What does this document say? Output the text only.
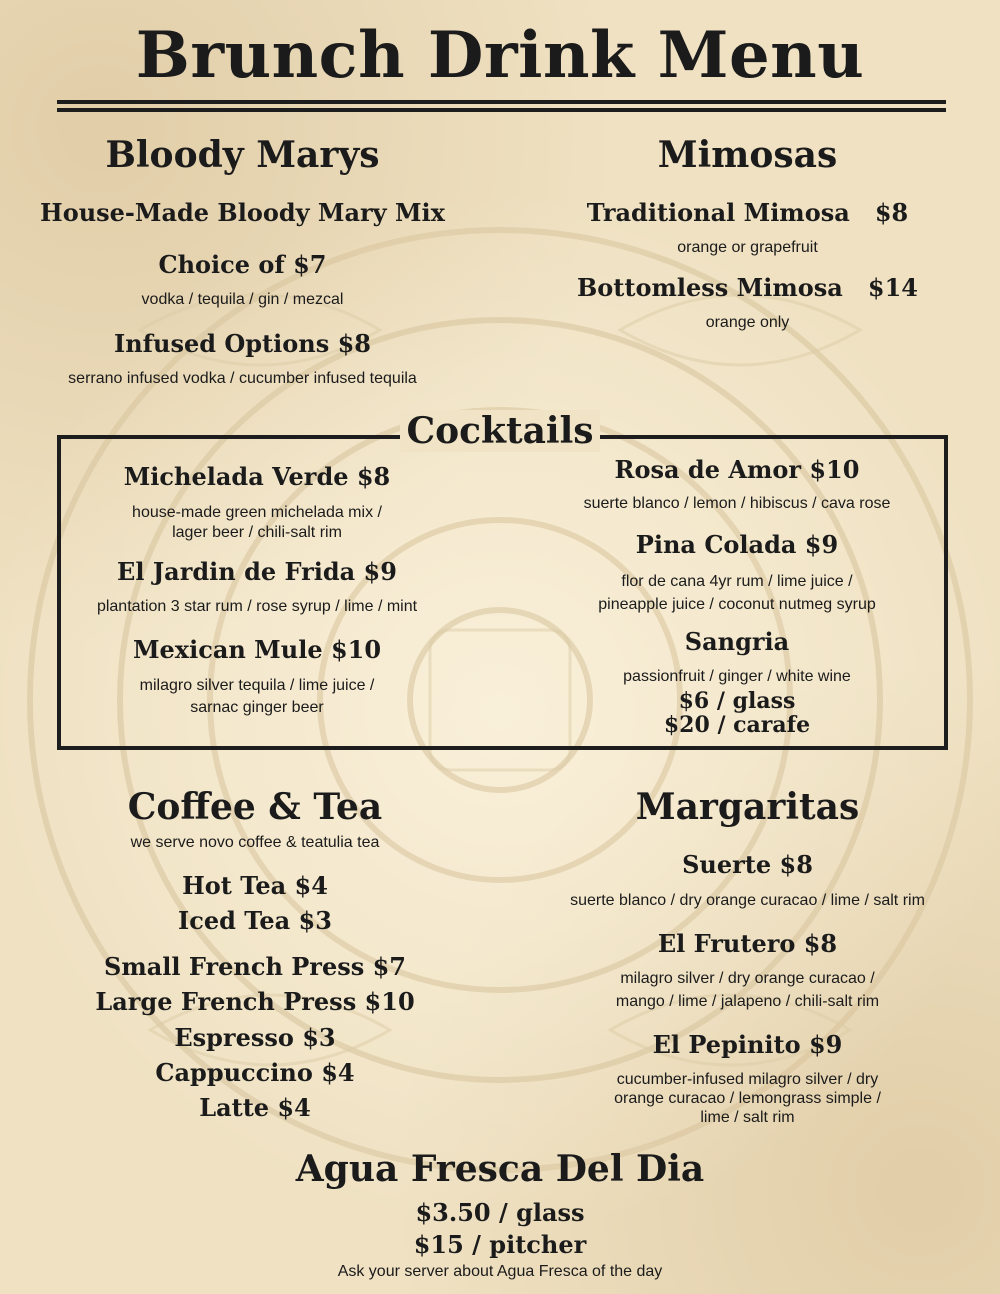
Brunch Drink Menu
Bloody Marys
House-Made Bloody Mary Mix
Choice of $7
vodka / tequila / gin / mezcal
Infused Options $8
serrano infused vodka / cucumber infused tequila
Mimosas
Traditional Mimosa   $8
orange or grapefruit
Bottomless Mimosa   $14
orange only
Cocktails
Michelada Verde $8
house-made green michelada mix /
lager beer / chili-salt rim
El Jardin de Frida $9
plantation 3 star rum / rose syrup / lime / mint
Mexican Mule $10
milagro silver tequila / lime juice /
sarnac ginger beer
Rosa de Amor $10
suerte blanco / lemon / hibiscus / cava rose
Pina Colada $9
flor de cana 4yr rum / lime juice /
pineapple juice / coconut nutmeg syrup
Sangria
passionfruit / ginger / white wine
$6 / glass
$20 / carafe
Coffee & Tea
we serve novo coffee & teatulia tea
Hot Tea $4
Iced Tea $3
Small French Press $7
Large French Press $10
Espresso $3
Cappuccino $4
Latte $4
Margaritas
Suerte $8
suerte blanco / dry orange curacao / lime / salt rim
El Frutero $8
milagro silver / dry orange curacao /
mango / lime / jalapeno / chili-salt rim
El Pepinito $9
cucumber-infused milagro silver / dry
orange curacao / lemongrass simple /
lime / salt rim
Agua Fresca Del Dia
$3.50 / glass
$15 / pitcher
Ask your server about Agua Fresca of the day
